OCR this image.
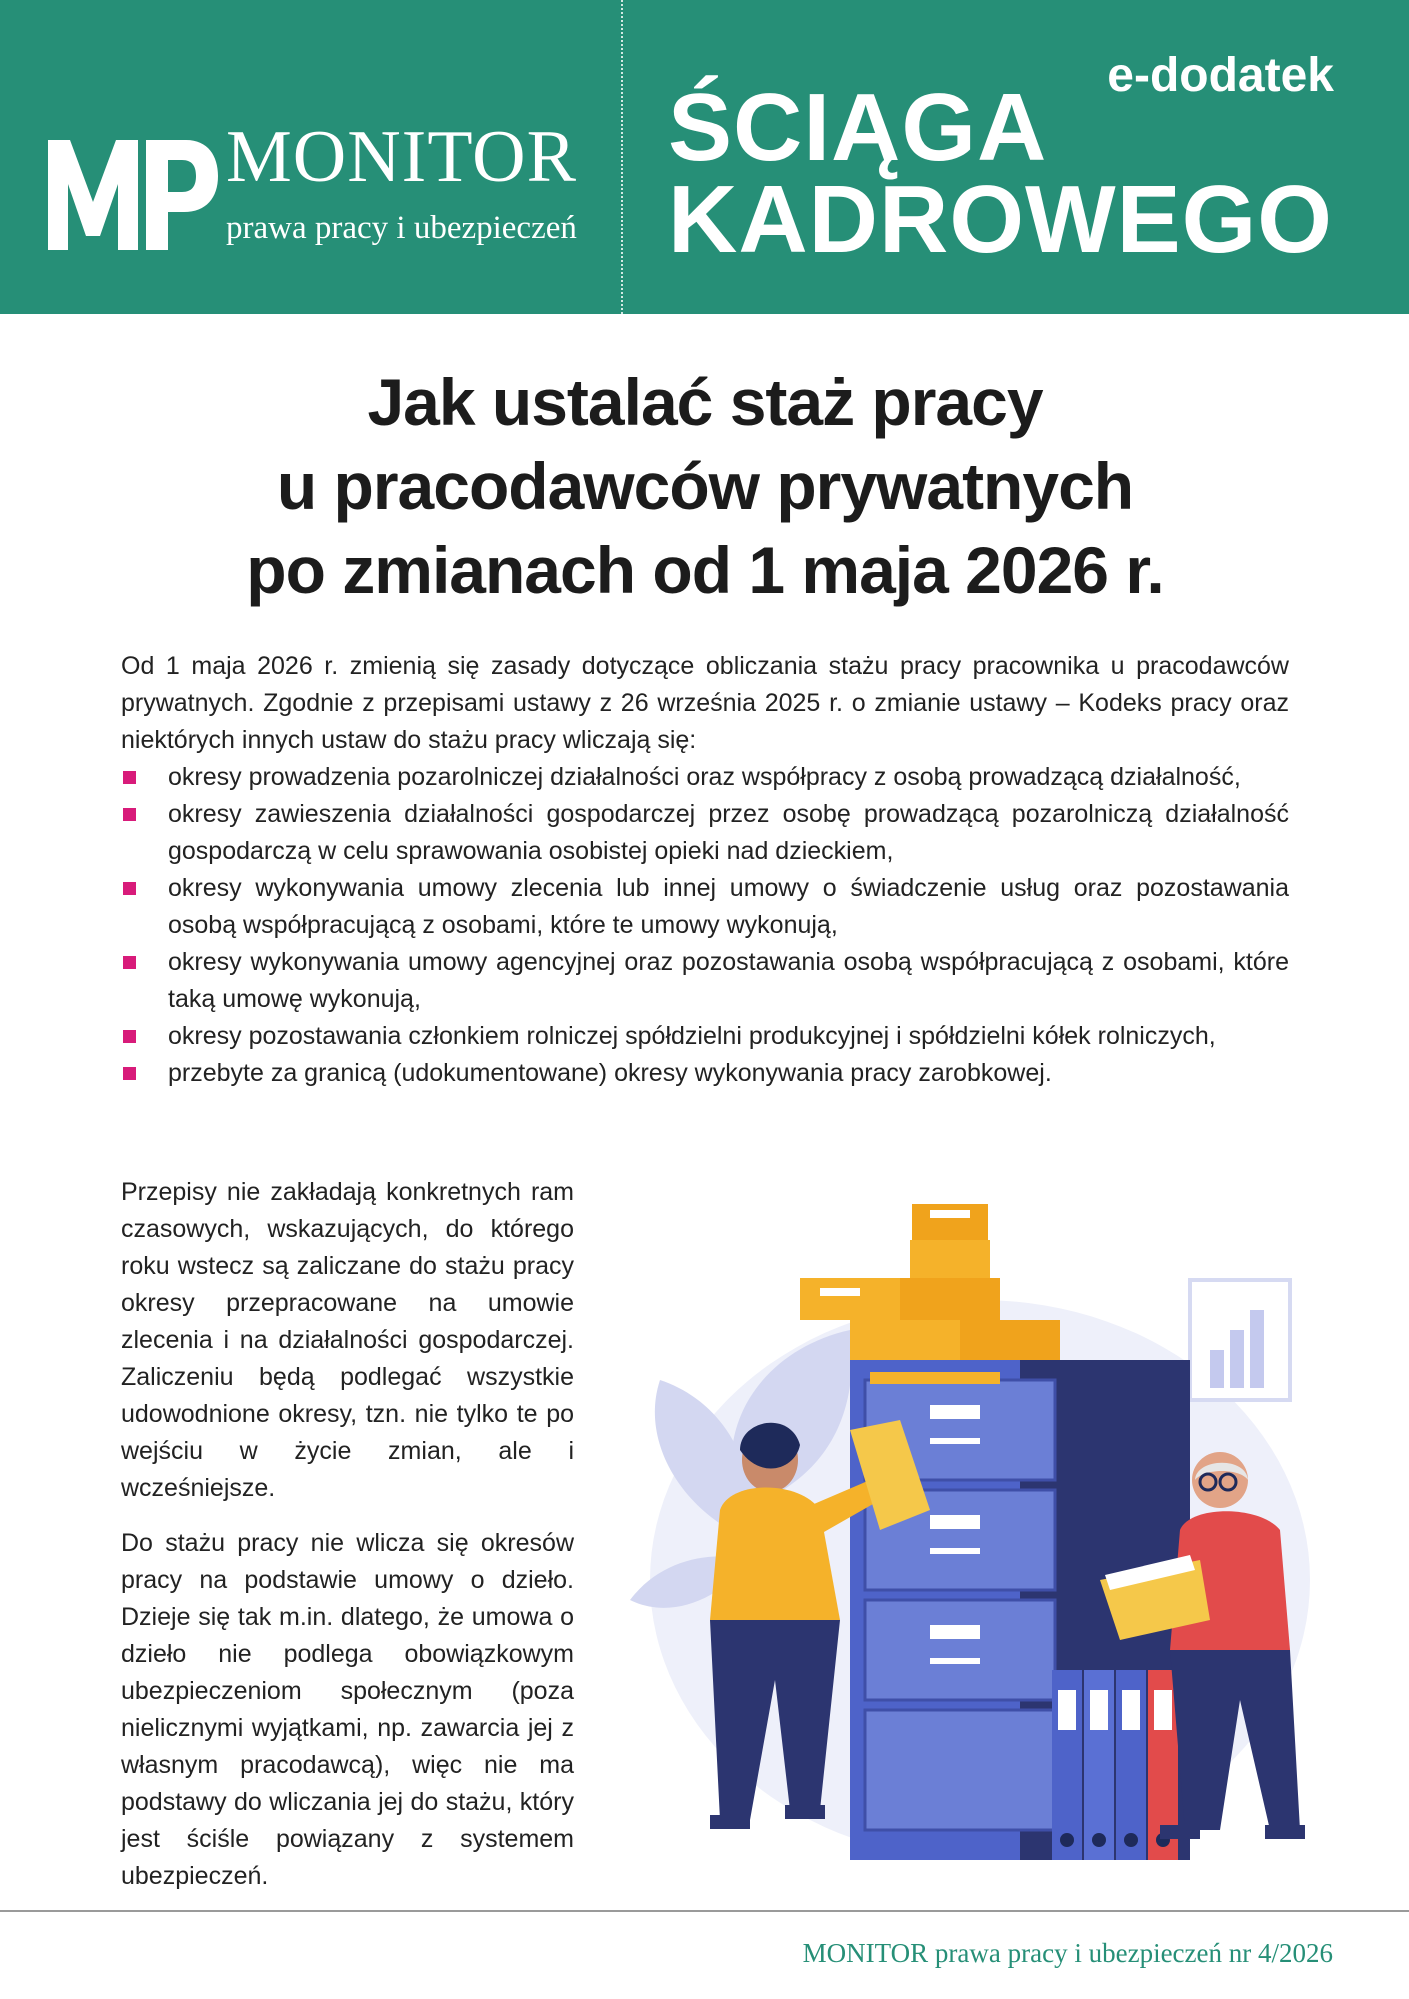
MONITOR
prawa pracy i ubezpieczeń
e-dodatek
ŚCIĄGA
KADROWEGO
Jak ustalać staż pracy
u pracodawców prywatnych
po zmianach od 1 maja 2026 r.

Od 1 maja 2026 r. zmienią się zasady dotyczące obliczania stażu pracy pracownika u pracodawców prywatnych. Zgodnie z przepisami ustawy z 26 września 2025 r. o zmianie ustawy – Kodeks pracy oraz niektórych innych ustaw do stażu pracy wliczają się:

okresy prowadzenia pozarolniczej działalności oraz współpracy z osobą prowadzącą działalność,
okresy zawieszenia działalności gospodarczej przez osobę prowadzącą pozarolniczą działalność gospodarczą w celu sprawowania osobistej opieki nad dzieckiem,
okresy wykonywania umowy zlecenia lub innej umowy o świadczenie usług oraz pozostawania osobą współpracującą z osobami, które te umowy wykonują,
okresy wykonywania umowy agencyjnej oraz pozostawania osobą współpracującą z osobami, które taką umowę wykonują,
okresy pozostawania członkiem rolniczej spółdzielni produkcyjnej i spółdzielni kółek rolniczych,
przebyte za granicą (udokumentowane) okresy wykonywania pracy zarobkowej.

Przepisy nie zakładają konkretnych ram czasowych, wskazujących, do którego roku wstecz są zaliczane do stażu pracy okresy przepracowane na umowie zlecenia i na działalności gospodarczej. Zaliczeniu będą podlegać wszystkie udowodnione okresy, tzn. nie tylko te po wejściu w życie zmian, ale i wcześniejsze.

Do stażu pracy nie wlicza się okresów pracy na podstawie umowy o dzieło. Dzieje się tak m.in. dlatego, że umowa o dzieło nie podlega obowiązkowym ubezpieczeniom społecznym (poza nielicznymi wyjątkami, np. zawarcia jej z własnym pracodawcą), więc nie ma podstawy do wliczania jej do stażu, który jest ściśle powiązany z systemem ubezpieczeń.

MONITOR prawa pracy i ubezpieczeń nr 4/2026
